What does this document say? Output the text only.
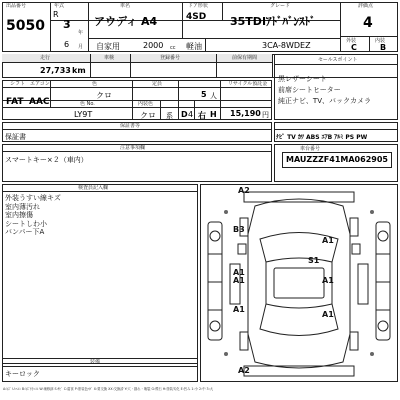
出品番号
5050
年式
R
3
年
6 月
車名
アウディ A4
ドア形状
4SD
グレード
35TDIｱﾄﾞﾊﾞﾝｽﾄﾞ
評価点
4
自家用	2000 cc 軽油	3CA-8WDEZ	外装	内装
C	B
走行
27,733 km
車検	登録番号	前保有期間	セールスポイント
シフト エアコン	色
クロ
定員
5 人
リサイクル預託金
FAT AAC	色 No.	内装色
LY9T	クロ 系 D 4 右 H 15,190 円
黒レザーシート
前席シートヒーター
純正ナビ、TV、バックカメラ
保証書等
保証書	ﾅﾋﾞ TV ｶﾜ ABS ｴｱB ｱﾙﾐ PS PW
注意事項欄
スマートキー×２（車内）
車台番号
MAUZZZF41MA062905
検査員記入欄
外装うすい線キズ
室内薄汚れ
室内擦傷
シートしわ小
バンパー下A
装備
キーロック
A2
B3
A1
S1
A1
A1	A1
A1
A1
A2
A:ｷｽﾞ U:ﾍｺﾐ B:ｷｽﾞ付ﾍｺﾐ W:補修跡 S:ｻﾋﾞ C:腐食 P:塗装色ﾊｹﾞ X:要交換 XX:交換済 Y:穴・割れ・亀裂 G:飛石 H:塗装劣化 E:凹み 1:小 2:中 3:大
